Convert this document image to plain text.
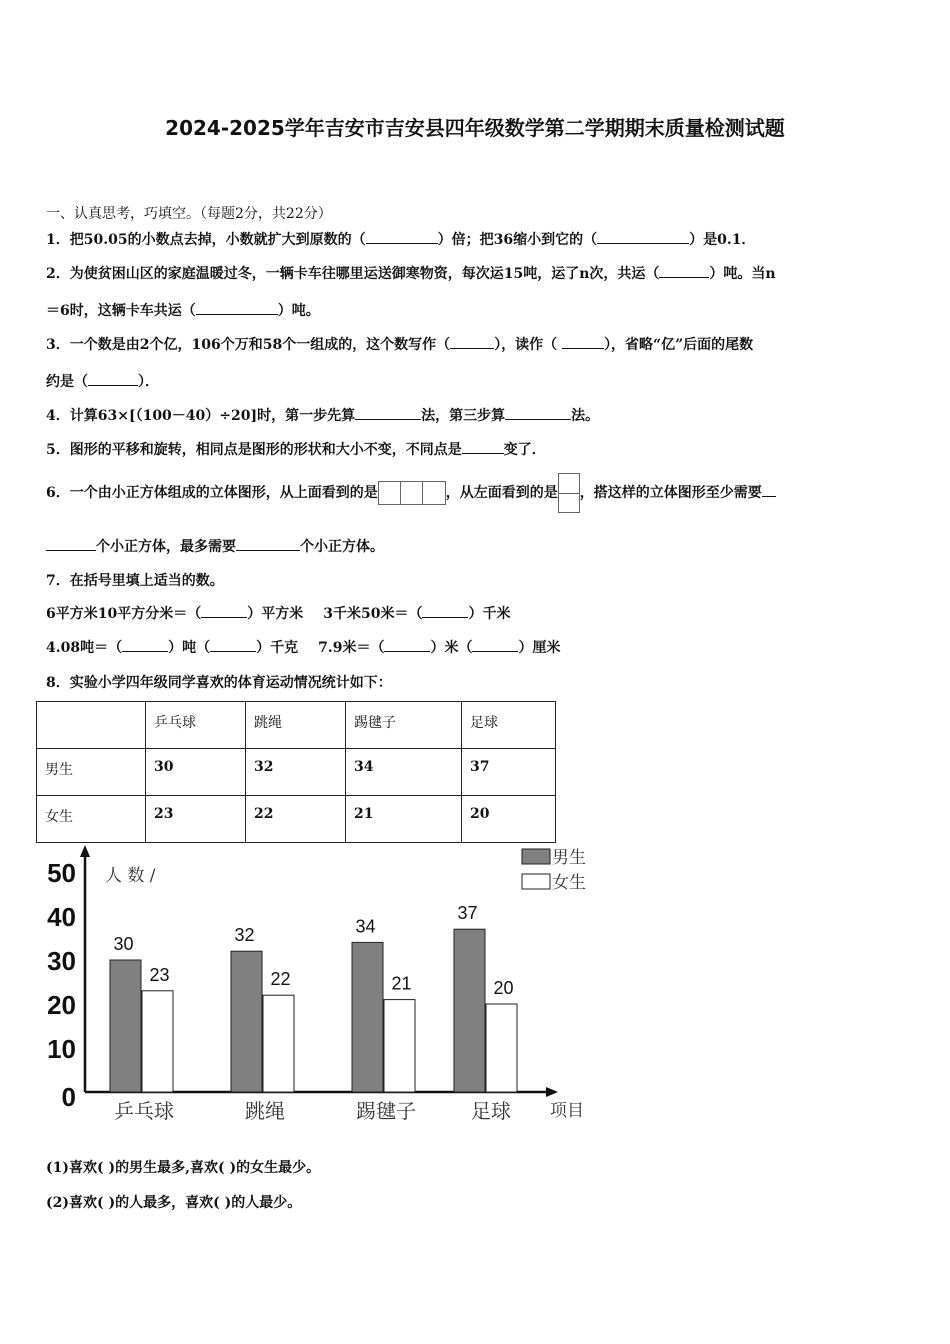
2024-2025学年吉安市吉安县四年级数学第二学期期末质量检测试题
一、认真思考，巧填空。（每题2分，共22分）
1．把50.05的小数点去掉，小数就扩大到原数的（	）倍；把36缩小到它的（	）是0.1．
2．为使贫困山区的家庭温暖过冬，一辆卡车往哪里运送御寒物资，每次运15吨，运了n次，共运（	）吨。当n
＝6时，这辆卡车共运（	）吨。
3．一个数是由2个亿，106个万和58个一组成的，这个数写作（	），读作（	），省略“亿”后面的尾数
约是（	）．
4．计算63×[（100－40）÷20]时，第一步先算	法，第三步算	法。
5．图形的平移和旋转，相同点是图形的形状和大小不变，不同点是	变了．
6．一个由小正方体组成的立体图形，从上面看到的是	，从左面看到的是 ，搭这样的立体图形至少需要
个小正方体，最多需要	个小正方体。
7．在括号里填上适当的数。
6平方米10平方分米＝（	）平方米 3千米50米＝（	）千米
4.08吨＝（	）吨（	）千克 7.9米＝（	）米（	）厘米
8．实验小学四年级同学喜欢的体育运动情况统计如下：
	乒乓球	跳绳	踢毽子	足球
男生	30	32	34	37
女生	23	22	21	20
0
10
20
30
40
50 人 数 /
项目
30
23
乒乓球
32
22
跳绳
34
21
踢毽子
37
20
足球
男生
女生
(1)喜欢( )的男生最多,喜欢( )的女生最少。
(2)喜欢( )的人最多，喜欢( )的人最少。
